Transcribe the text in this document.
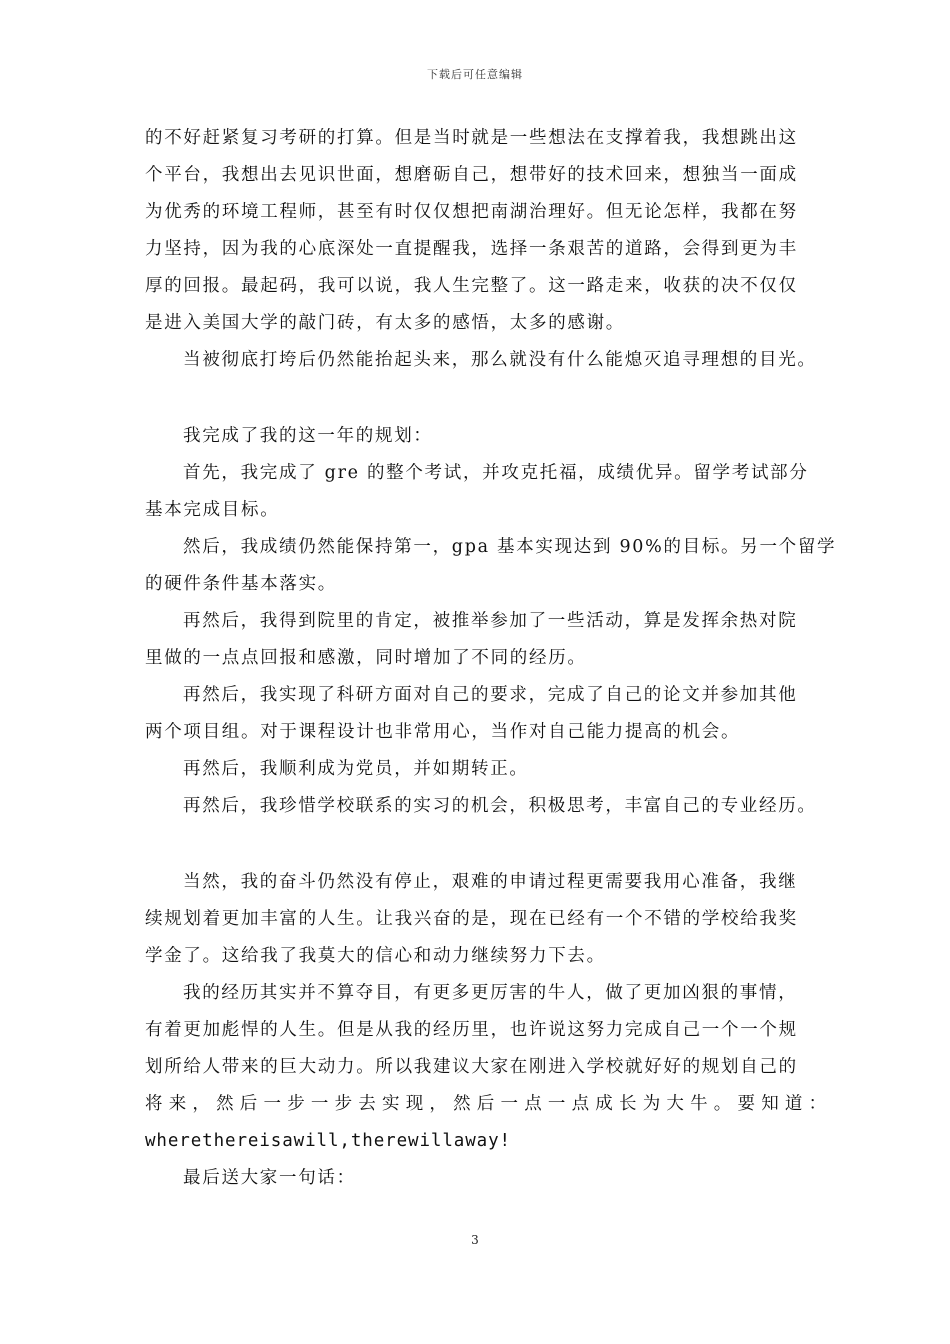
下载后可任意编辑
的不好赶紧复习考研的打算。但是当时就是一些想法在支撑着我，我想跳出这
个平台，我想出去见识世面，想磨砺自己，想带好的技术回来，想独当一面成
为优秀的环境工程师，甚至有时仅仅想把南湖治理好。但无论怎样，我都在努
力坚持，因为我的心底深处一直提醒我，选择一条艰苦的道路，会得到更为丰
厚的回报。最起码，我可以说，我人生完整了。这一路走来，收获的决不仅仅
是进入美国大学的敲门砖，有太多的感悟，太多的感谢。
当被彻底打垮后仍然能抬起头来，那么就没有什么能熄灭追寻理想的目光。
我完成了我的这一年的规划：
首先，我完成了 gre 的整个考试，并攻克托福，成绩优异。留学考试部分
基本完成目标。
然后，我成绩仍然能保持第一，gpa 基本实现达到 90%的目标。另一个留学
的硬件条件基本落实。
再然后，我得到院里的肯定，被推举参加了一些活动，算是发挥余热对院
里做的一点点回报和感激，同时增加了不同的经历。
再然后，我实现了科研方面对自己的要求，完成了自己的论文并参加其他
两个项目组。对于课程设计也非常用心，当作对自己能力提高的机会。
再然后，我顺利成为党员，并如期转正。
再然后，我珍惜学校联系的实习的机会，积极思考，丰富自己的专业经历。
当然，我的奋斗仍然没有停止，艰难的申请过程更需要我用心准备，我继
续规划着更加丰富的人生。让我兴奋的是，现在已经有一个不错的学校给我奖
学金了。这给我了我莫大的信心和动力继续努力下去。
我的经历其实并不算夺目，有更多更厉害的牛人，做了更加凶狠的事情，
有着更加彪悍的人生。但是从我的经历里，也许说这努力完成自己一个一个规
划所给人带来的巨大动力。所以我建议大家在刚进入学校就好好的规划自己的
将来，然后一步一步去实现，然后一点一点成长为大牛。要知道：
wherethereisawill,therewillaway!
最后送大家一句话：
3
